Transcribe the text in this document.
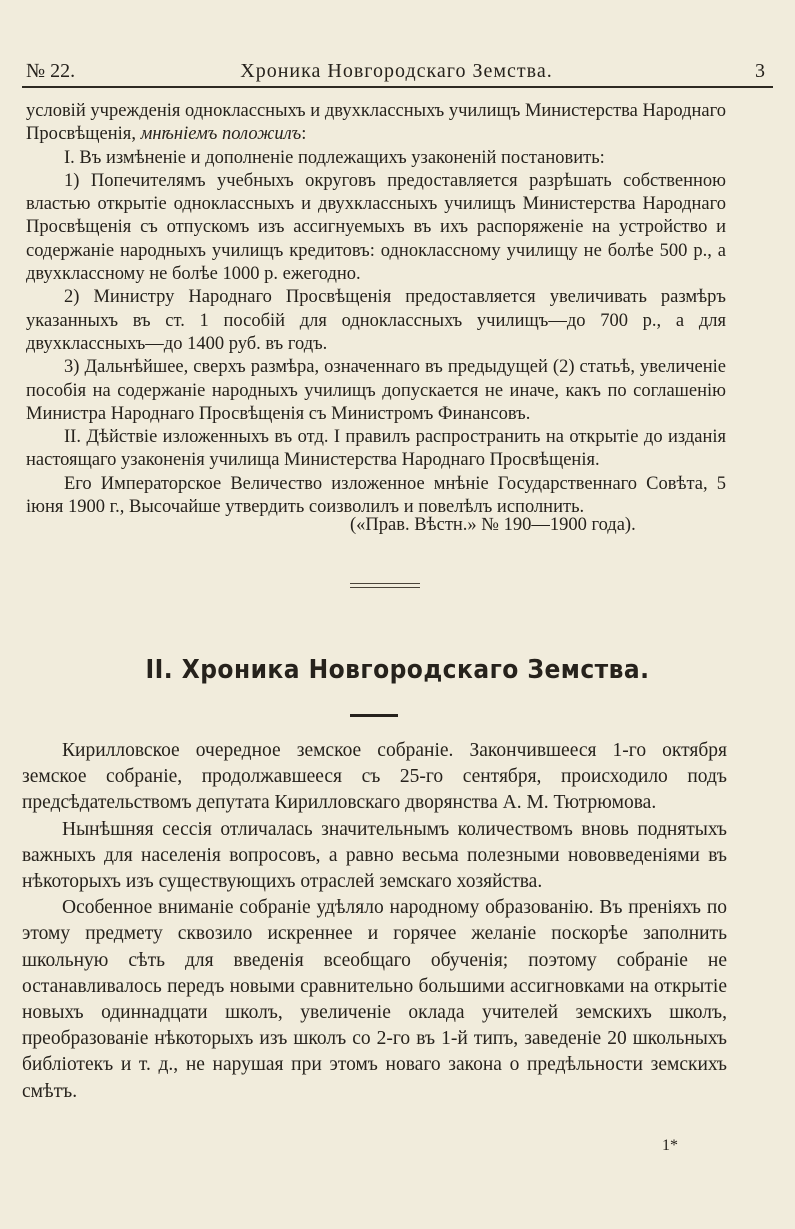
№ 22.	Хроника Новгородскаго Земства.	3

условій учрежденія одноклассныхъ и двухклассныхъ училищъ Министерства Народнаго Просвѣщенія, мнѣніемъ положилъ:

I. Въ измѣненіе и дополненіе подлежащихъ узаконеній постановить:

1) Попечителямъ учебныхъ округовъ предоставляется разрѣшать собственною властью открытіе одноклассныхъ и двухклассныхъ училищъ Министерства Народнаго Просвѣщенія съ отпускомъ изъ ассигнуемыхъ въ ихъ распоряженіе на устройство и содержаніе народныхъ училищъ кредитовъ: одноклассному училищу не болѣе 500 р., а двухклассному не болѣе 1000 р. ежегодно.

2) Министру Народнаго Просвѣщенія предоставляется увеличивать размѣръ указанныхъ въ ст. 1 пособій для одноклассныхъ училищъ—до 700 р., а для двухклассныхъ—до 1400 руб. въ годъ.

3) Дальнѣйшее, сверхъ размѣра, означеннаго въ предыдущей (2) статьѣ, увеличеніе пособія на содержаніе народныхъ училищъ допускается не иначе, какъ по соглашенію Министра Народнаго Просвѣщенія съ Министромъ Финансовъ.

II. Дѣйствіе изложенныхъ въ отд. I правилъ распространить на открытіе до изданія настоящаго узаконенія училища Министерства Народнаго Просвѣщенія.

Его Императорское Величество изложенное мнѣніе Государственнаго Совѣта, 5 іюня 1900 г., Высочайше утвердить соизволилъ и повелѣлъ исполнить.

(«Прав. Вѣстн.» № 190—1900 года).
II. Хроника Новгородскаго Земства.

Кирилловское очередное земское собраніе. Закончившееся 1-го октября земское собраніе, продолжавшееся съ 25-го сентября, происходило подъ предсѣдательствомъ депутата Кирилловскаго дворянства А. М. Тютрюмова.

Нынѣшняя сессія отличалась значительнымъ количествомъ вновь поднятыхъ важныхъ для населенія вопросовъ, а равно весьма полезными нововведеніями въ нѣкоторыхъ изъ существующихъ отраслей земскаго хозяйства.

Особенное вниманіе собраніе удѣляло народному образованію. Въ преніяхъ по этому предмету сквозило искреннее и горячее желаніе поскорѣе заполнить школьную сѣть для введенія всеобщаго обученія; поэтому собраніе не останавливалось передъ новыми сравнительно большими ассигновками на открытіе новыхъ одиннадцати школъ, увеличеніе оклада учителей земскихъ школъ, преобразованіе нѣкоторыхъ изъ школъ со 2-го въ 1-й типъ, заведеніе 20 школьныхъ библіотекъ и т. д., не нарушая при этомъ новаго закона о предѣльности земскихъ смѣтъ.

1*
